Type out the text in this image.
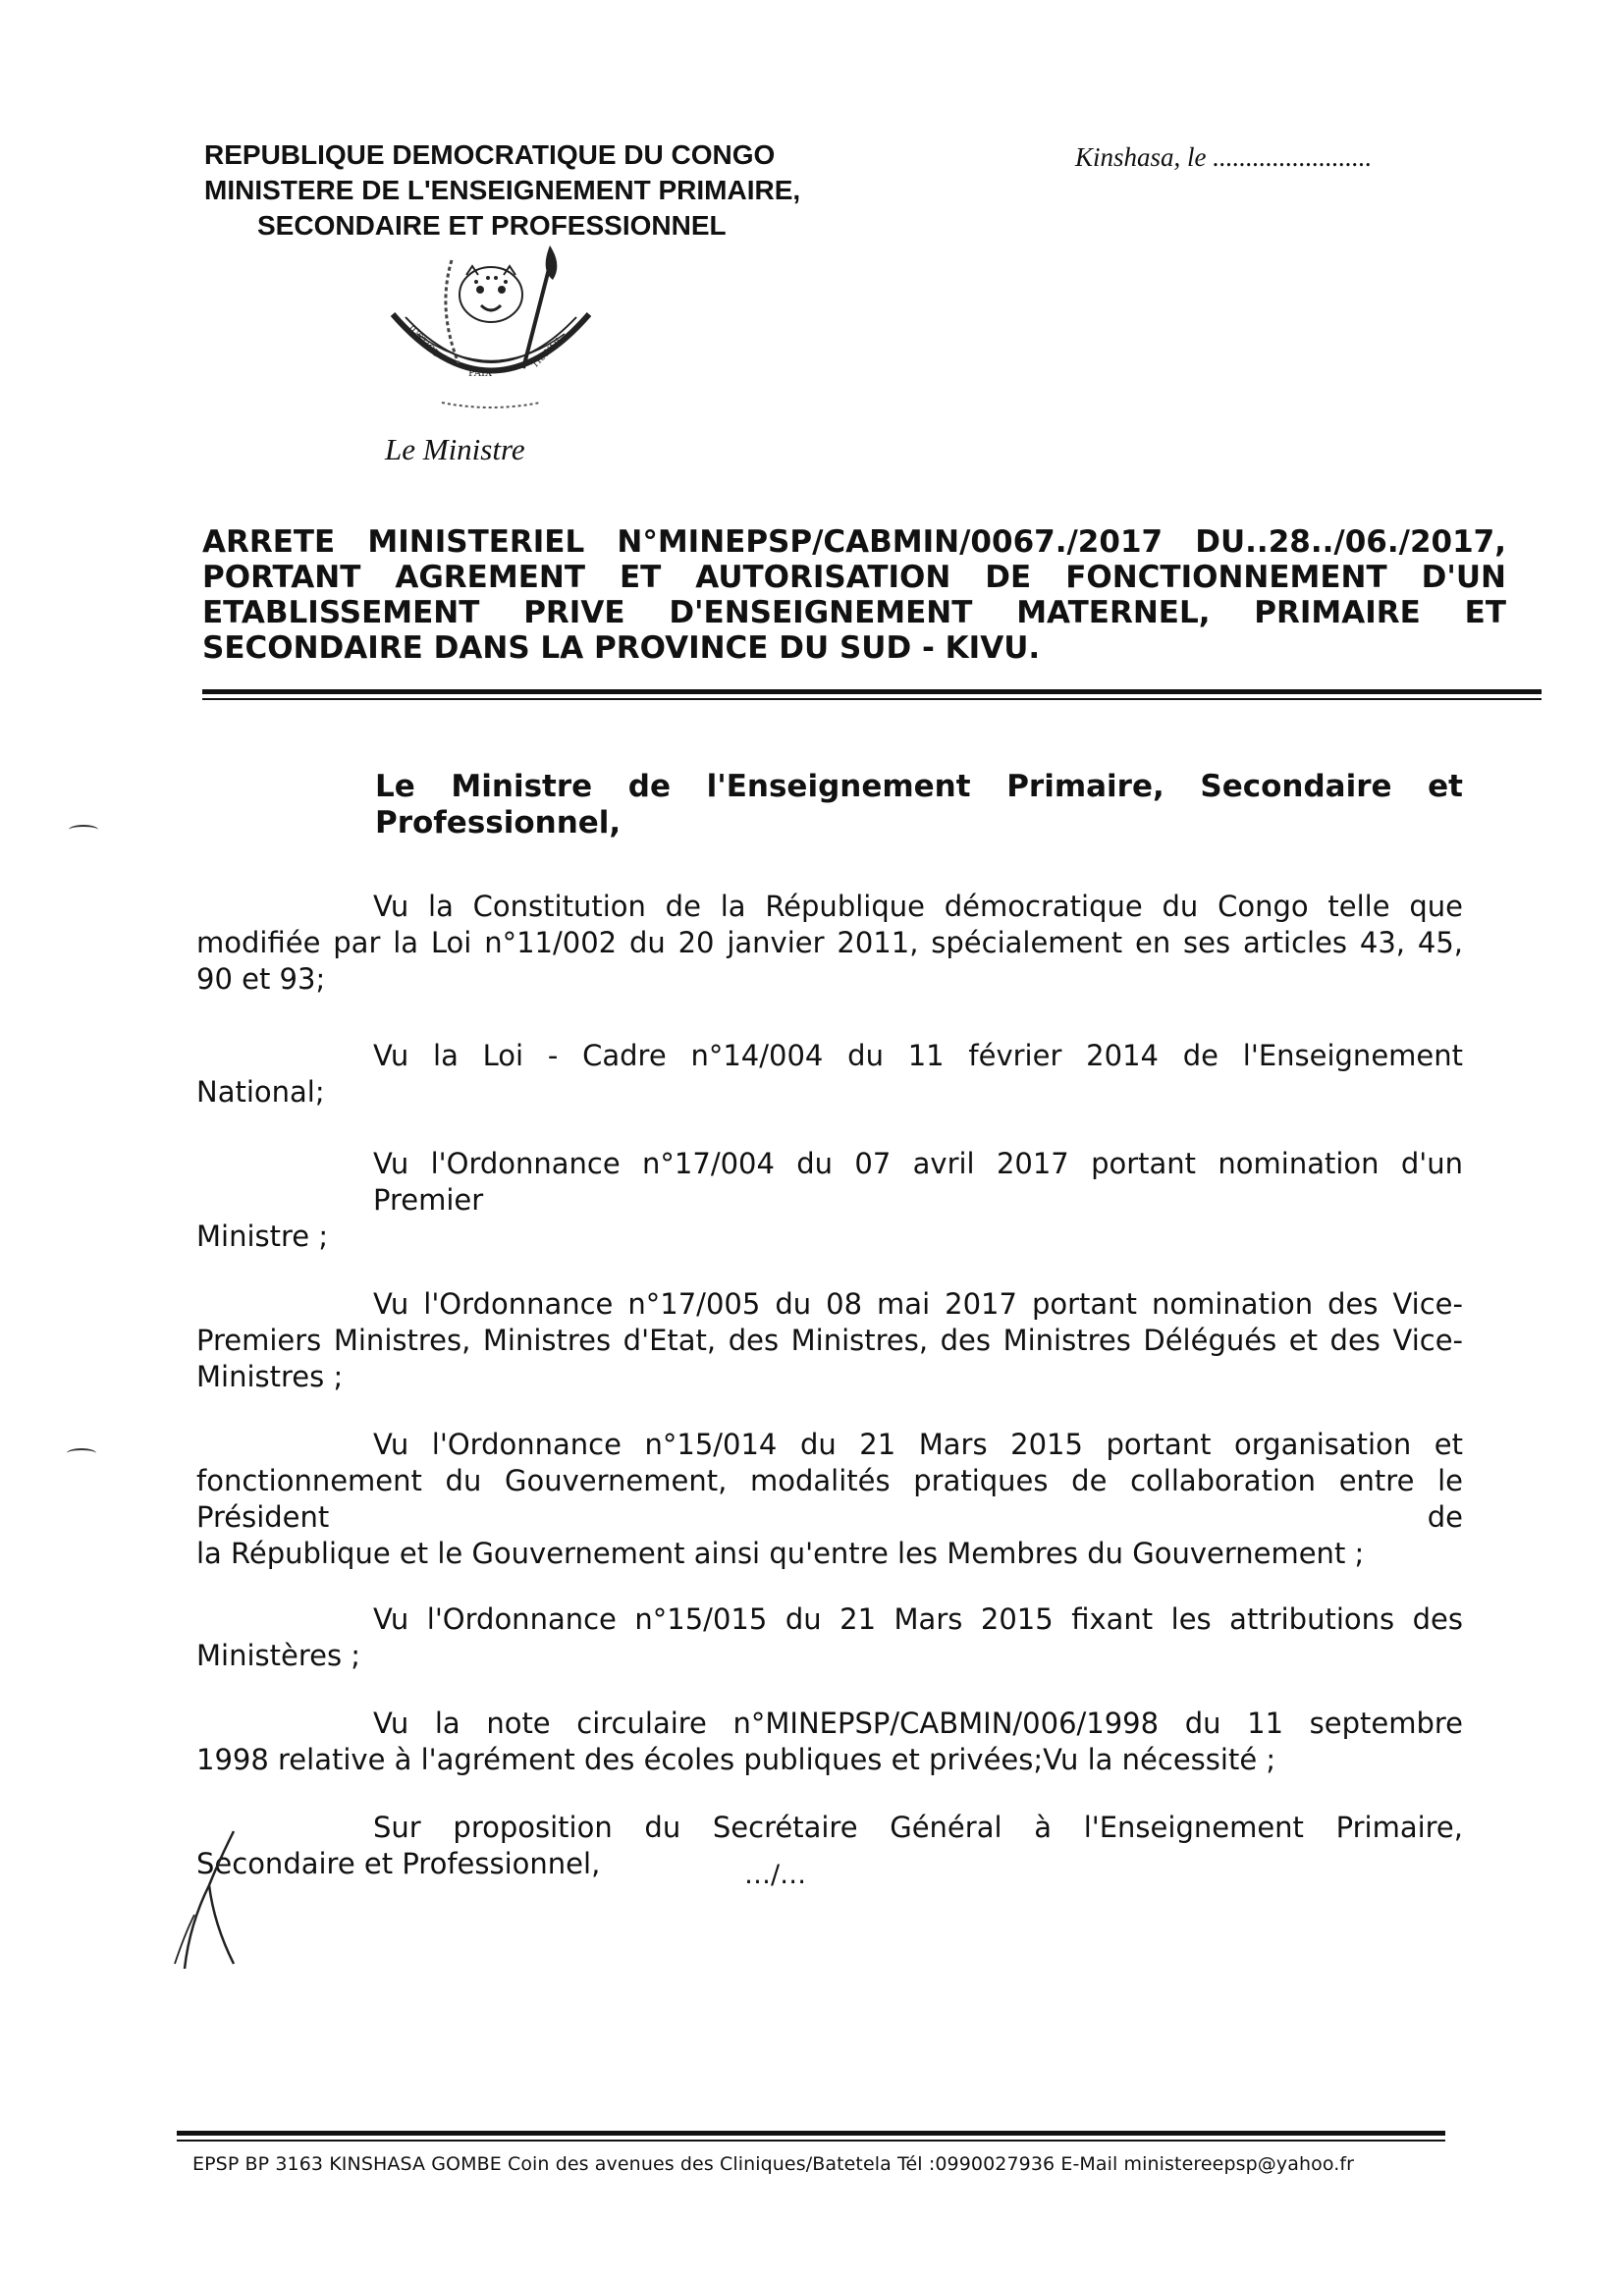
REPUBLIQUE DEMOCRATIQUE DU CONGO
MINISTERE DE L'ENSEIGNEMENT PRIMAIRE,
SECONDAIRE ET PROFESSIONNEL
Kinshasa, le ........................
PAIX
JUSTICE	TRAVAIL
Le Ministre
ARRETE MINISTERIEL N°MINEPSP/CABMIN/0067./2017 DU..28../06./2017,
PORTANT AGREMENT ET AUTORISATION DE FONCTIONNEMENT D'UN
ETABLISSEMENT PRIVE D'ENSEIGNEMENT MATERNEL, PRIMAIRE ET
SECONDAIRE DANS LA PROVINCE DU SUD - KIVU.
Le Ministre de l'Enseignement Primaire, Secondaire et
Professionnel,
Vu la Constitution de la République démocratique du Congo telle que
modifiée par la Loi n°11/002 du 20 janvier 2011, spécialement en ses articles 43, 45,
90 et 93;
Vu la Loi - Cadre n°14/004 du 11 février 2014 de l'Enseignement
National;
Vu l'Ordonnance n°17/004 du 07 avril 2017 portant nomination d'un Premier
Ministre ;
Vu l'Ordonnance n°17/005 du 08 mai 2017 portant nomination des Vice-
Premiers Ministres, Ministres d'Etat, des Ministres, des Ministres Délégués et des Vice-
Ministres ;
Vu l'Ordonnance n°15/014 du 21 Mars 2015 portant organisation et
fonctionnement du Gouvernement, modalités pratiques de collaboration entre le Président de
la République et le Gouvernement ainsi qu'entre les Membres du Gouvernement ;
Vu l'Ordonnance n°15/015 du 21 Mars 2015 fixant les attributions des
Ministères ;
Vu la note circulaire n°MINEPSP/CABMIN/006/1998 du 11 septembre
1998 relative à l'agrément des écoles publiques et privées;Vu la nécessité ;
Sur proposition du Secrétaire Général à l'Enseignement Primaire,
Secondaire et Professionnel,	…/…
EPSP BP 3163 KINSHASA GOMBE Coin des avenues des Cliniques/Batetela Tél :0990027936 E-Mail ministereepsp@yahoo.fr
